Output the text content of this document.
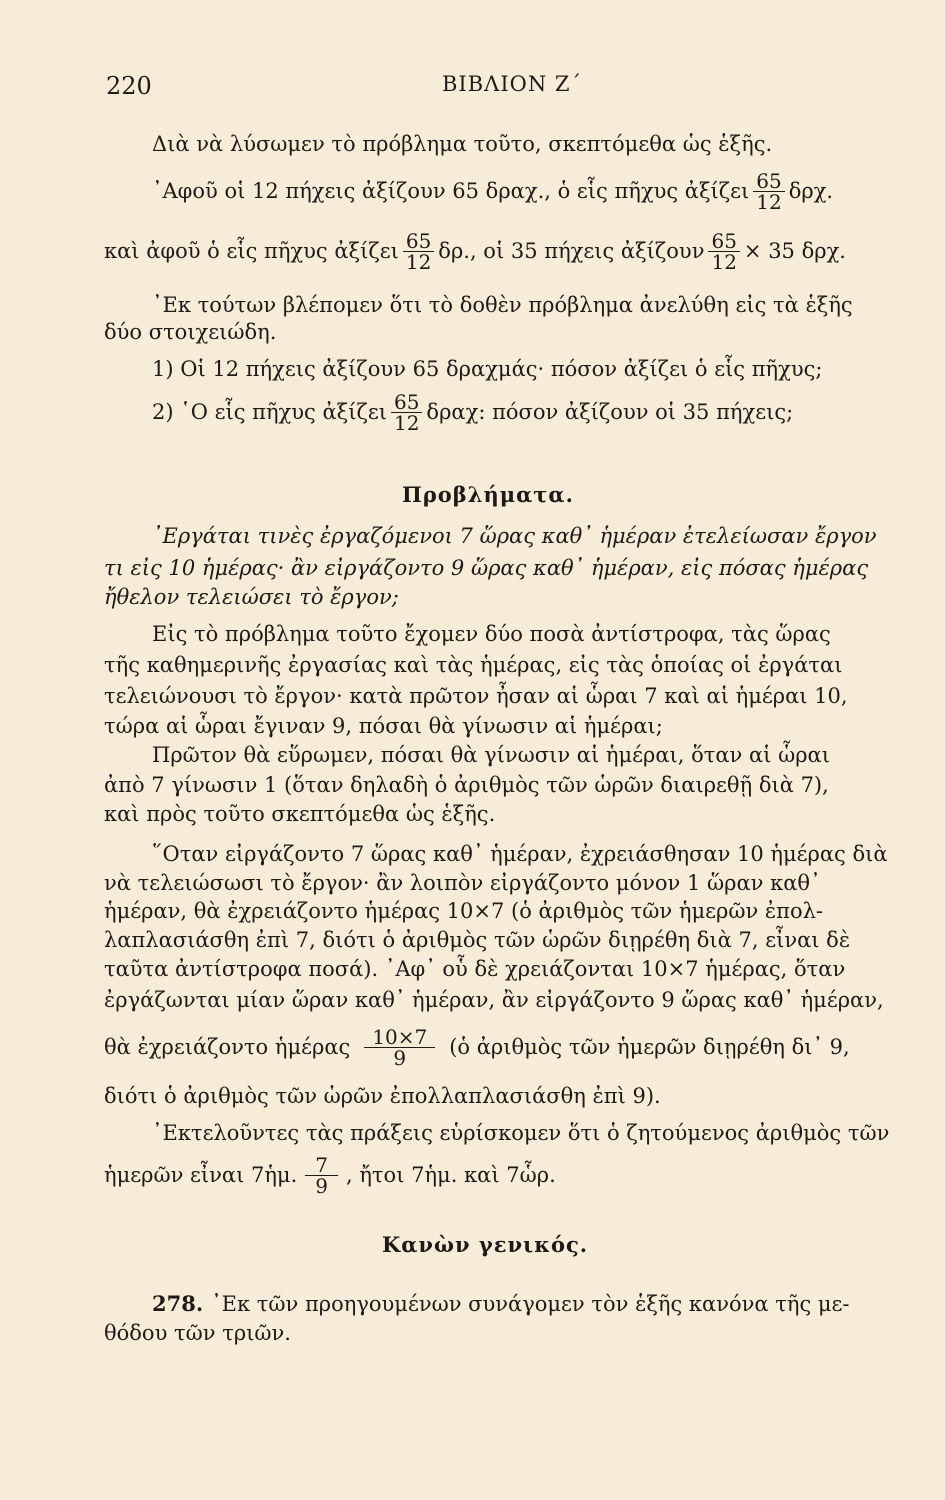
220	ΒΙΒΛΙΟΝ Ζ΄
Διὰ νὰ λύσωμεν τὸ πρόβλημα τοῦτο, σκεπτόμεθα ὡς ἑξῆς.
᾿Αφοῦ οἱ 12 πήχεις ἀξίζουν 65 δραχ., ὁ εἷς πῆχυς ἀξίζει $\frac{65}{12} \delta\rho\chi$.
καὶ ἀφοῦ ὁ εἷς πῆχυς ἀξίζει $\frac{65}{12} \delta\rho$., οἱ 35 πήχεις ἀξίζουν $\frac{65}{12} \times 35$ δρχ.
᾿Εκ τούτων βλέπομεν ὅτι τὸ δοθὲν πρόβλημα ἀνελύθη εἰς τὰ ἑξῆς
δύο στοιχειώδη.
1) Οἱ 12 πήχεις ἀξίζουν 65 δραχμάς· πόσον ἀξίζει ὁ εἷς πῆχυς;
2) ῾Ο εἷς πῆχυς ἀξίζει $\frac{65}{12} \delta\rho\alpha\chi$: πόσον ἀξίζουν οἱ 35 πήχεις;
Προβλήματα.
᾿Εργάται τινὲς ἐργαζόμενοι 7 ὥρας καθ᾿ ἡμέραν ἐτελείωσαν ἔργον
τι εἰς 10 ἡμέρας· ἂν εἰργάζοντο 9 ὥρας καθ᾿ ἡμέραν, εἰς πόσας ἡμέρας
ἤθελον τελειώσει τὸ ἔργον;
Εἰς τὸ πρόβλημα τοῦτο ἔχομεν δύο ποσὰ ἀντίστροφα, τὰς ὥρας
τῆς καθημερινῆς ἐργασίας καὶ τὰς ἡμέρας, εἰς τὰς ὁποίας οἱ ἐργάται
τελειώνουσι τὸ ἔργον· κατὰ πρῶτον ἦσαν αἱ ὧραι 7 καὶ αἱ ἡμέραι 10,
τώρα αἱ ὧραι ἔγιναν 9, πόσαι θὰ γίνωσιν αἱ ἡμέραι;
Πρῶτον θὰ εὕρωμεν, πόσαι θὰ γίνωσιν αἱ ἡμέραι, ὅταν αἱ ὧραι
ἀπὸ 7 γίνωσιν 1 (ὅταν δηλαδὴ ὁ ἀριθμὸς τῶν ὡρῶν διαιρεθῇ διὰ 7),
καὶ πρὸς τοῦτο σκεπτόμεθα ὡς ἑξῆς.
῞Οταν εἰργάζοντο 7 ὥρας καθ᾿ ἡμέραν, ἐχρειάσθησαν 10 ἡμέρας διὰ
νὰ τελειώσωσι τὸ ἔργον· ἂν λοιπὸν εἰργάζοντο μόνον 1 ὥραν καθ᾿
ἡμέραν, θὰ ἐχρειάζοντο ἡμέρας 10×7 (ὁ ἀριθμὸς τῶν ἡμερῶν ἐπολ-
λαπλασιάσθη ἐπὶ 7, διότι ὁ ἀριθμὸς τῶν ὡρῶν διῃρέθη διὰ 7, εἶναι δὲ
ταῦτα ἀντίστροφα ποσά). ᾿Αφ᾿ οὗ δὲ χρειάζονται 10×7 ἡμέρας, ὅταν
ἐργάζωνται μίαν ὥραν καθ᾿ ἡμέραν, ἂν εἰργάζοντο 9 ὥρας καθ᾿ ἡμέραν,
θὰ ἐχρειάζοντο ἡμέρας $\frac{10\times 7}{9}$ (ὁ ἀριθμὸς τῶν ἡμερῶν διῃρέθη δι᾿ 9,
διότι ὁ ἀριθμὸς τῶν ὡρῶν ἐπολλαπλασιάσθη ἐπὶ 9).
᾿Εκτελοῦντες τὰς πράξεις εὑρίσκομεν ὅτι ὁ ζητούμενος ἀριθμὸς τῶν
ἡμερῶν εἶναι 7ἡμ. $\frac{7}{9}$ , ἤτοι 7ἡμ. καὶ 7ὧρ.
Κανὼν γενικός.
278. ᾿Εκ τῶν προηγουμένων συνάγομεν τὸν ἑξῆς κανόνα τῆς με-
θόδου τῶν τριῶν.
